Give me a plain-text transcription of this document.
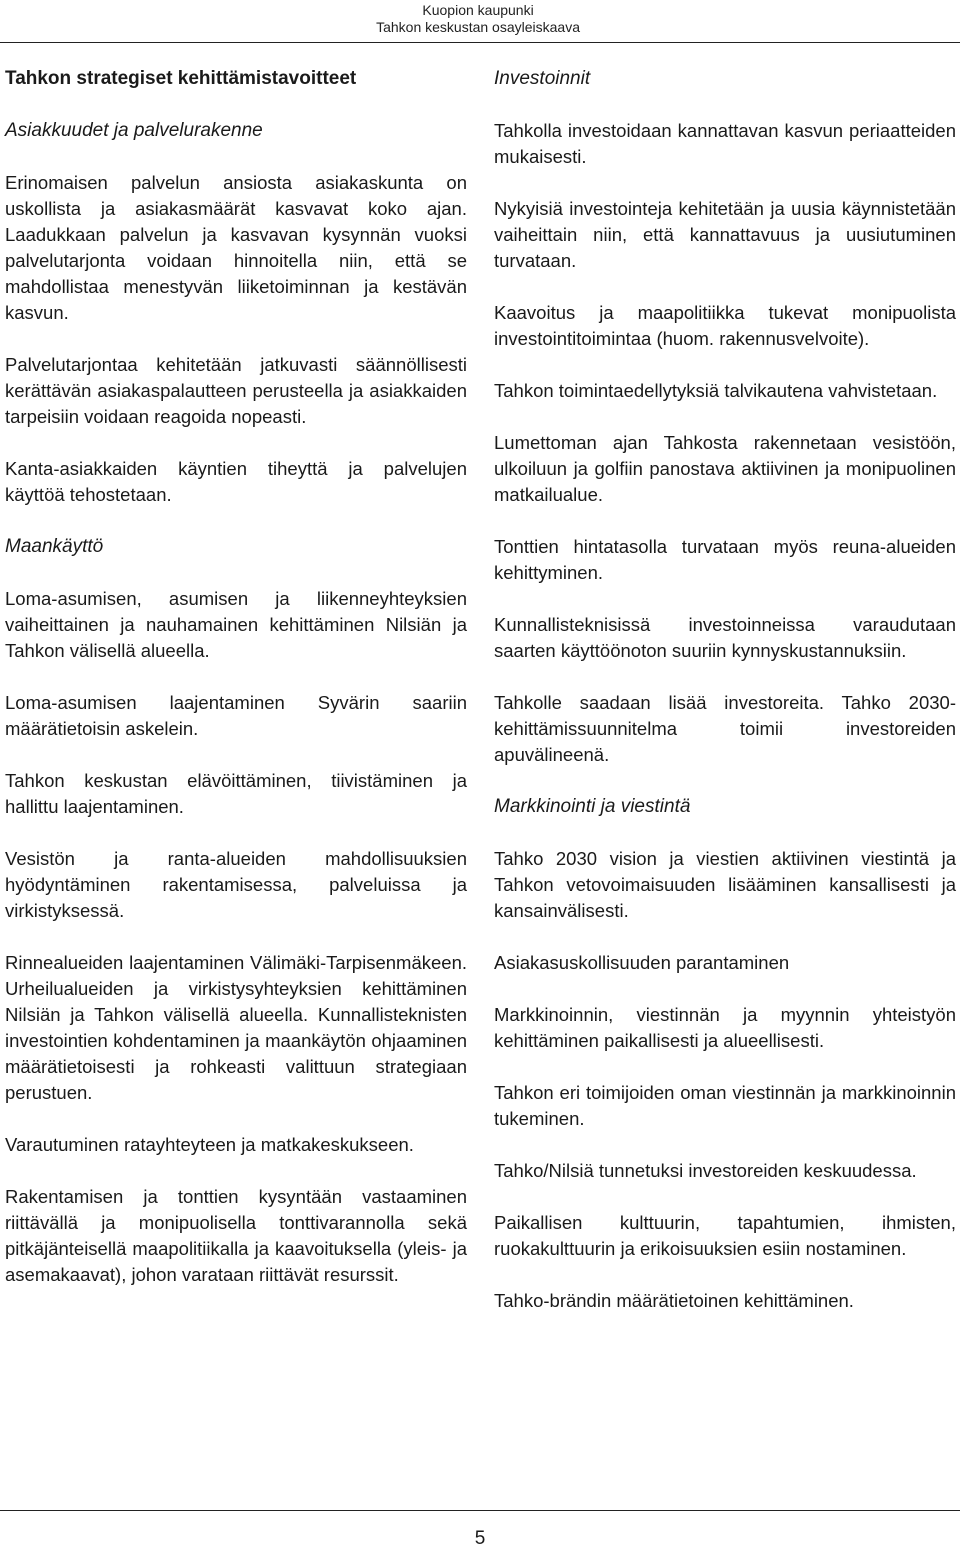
Kuopion kaupunki
Tahkon keskustan osayleiskaava
Tahkon strategiset kehittämistavoitteet
Asiakkuudet ja palvelurakenne

Erinomaisen palvelun ansiosta asiakaskunta on uskollista ja asiakasmäärät kasvavat koko ajan. Laadukkaan palvelun ja kasvavan kysynnän vuoksi palvelutarjonta voidaan hinnoitella niin, että se mahdollistaa menestyvän liiketoiminnan ja kestävän kasvun.

Palvelutarjontaa kehitetään jatkuvasti säännöllisesti kerättävän asiakaspalautteen perusteella ja asiakkaiden tarpeisiin voidaan reagoida nopeasti.

Kanta-asiakkaiden käyntien tiheyttä ja palvelujen käyttöä tehostetaan.

Maankäyttö

Loma-asumisen, asumisen ja liikenneyhteyksien vaiheittainen ja nauhamainen kehittäminen Nilsiän ja Tahkon välisellä alueella.

Loma-asumisen laajentaminen Syvärin saariin määrätietoisin askelein.

Tahkon keskustan elävöittäminen, tiivistäminen ja hallittu laajentaminen.

Vesistön ja ranta-alueiden mahdollisuuksien hyödyntäminen rakentamisessa, palveluissa ja virkistyksessä.

Rinnealueiden laajentaminen Välimäki-Tarpisenmäkeen. Urheilualueiden ja virkistysyhteyksien kehittäminen Nilsiän ja Tahkon välisellä alueella. Kunnallisteknisten investointien kohdentaminen ja maankäytön ohjaaminen määrätietoisesti ja rohkeasti valittuun strategiaan perustuen.

Varautuminen ratayhteyteen ja matkakeskukseen.

Rakentamisen ja tonttien kysyntään vastaaminen riittävällä ja monipuolisella tonttivarannolla sekä pitkäjänteisellä maapolitiikalla ja kaavoituksella (yleis- ja asemakaavat), johon varataan riittävät resurssit.

Investoinnit

Tahkolla investoidaan kannattavan kasvun periaatteiden mukaisesti.

Nykyisiä investointeja kehitetään ja uusia käynnistetään vaiheittain niin, että kannattavuus ja uusiutuminen turvataan.

Kaavoitus ja maapolitiikka tukevat monipuolista investointitoimintaa (huom. rakennusvelvoite).

Tahkon toimintaedellytyksiä talvikautena vahvistetaan.

Lumettoman ajan Tahkosta rakennetaan vesistöön, ulkoiluun ja golfiin panostava aktiivinen ja monipuolinen matkailualue.

Tonttien hintatasolla turvataan myös reuna-alueiden kehittyminen.

Kunnallisteknisissä investoinneissa varaudutaan saarten käyttöönoton suuriin kynnyskustannuksiin.

Tahkolle saadaan lisää investoreita. Tahko 2030-kehittämissuunnitelma toimii investoreiden apuvälineenä.

Markkinointi ja viestintä

Tahko 2030 vision ja viestien aktiivinen viestintä ja Tahkon vetovoimaisuuden lisääminen kansallisesti ja kansainvälisesti.

Asiakasuskollisuuden parantaminen

Markkinoinnin, viestinnän ja myynnin yhteistyön kehittäminen paikallisesti ja alueellisesti.

Tahkon eri toimijoiden oman viestinnän ja markkinoinnin tukeminen.

Tahko/Nilsiä tunnetuksi investoreiden keskuudessa.

Paikallisen kulttuurin, tapahtumien, ihmisten, ruokakulttuurin ja erikoisuuksien esiin nostaminen.

Tahko-brändin määrätietoinen kehittäminen.

5
